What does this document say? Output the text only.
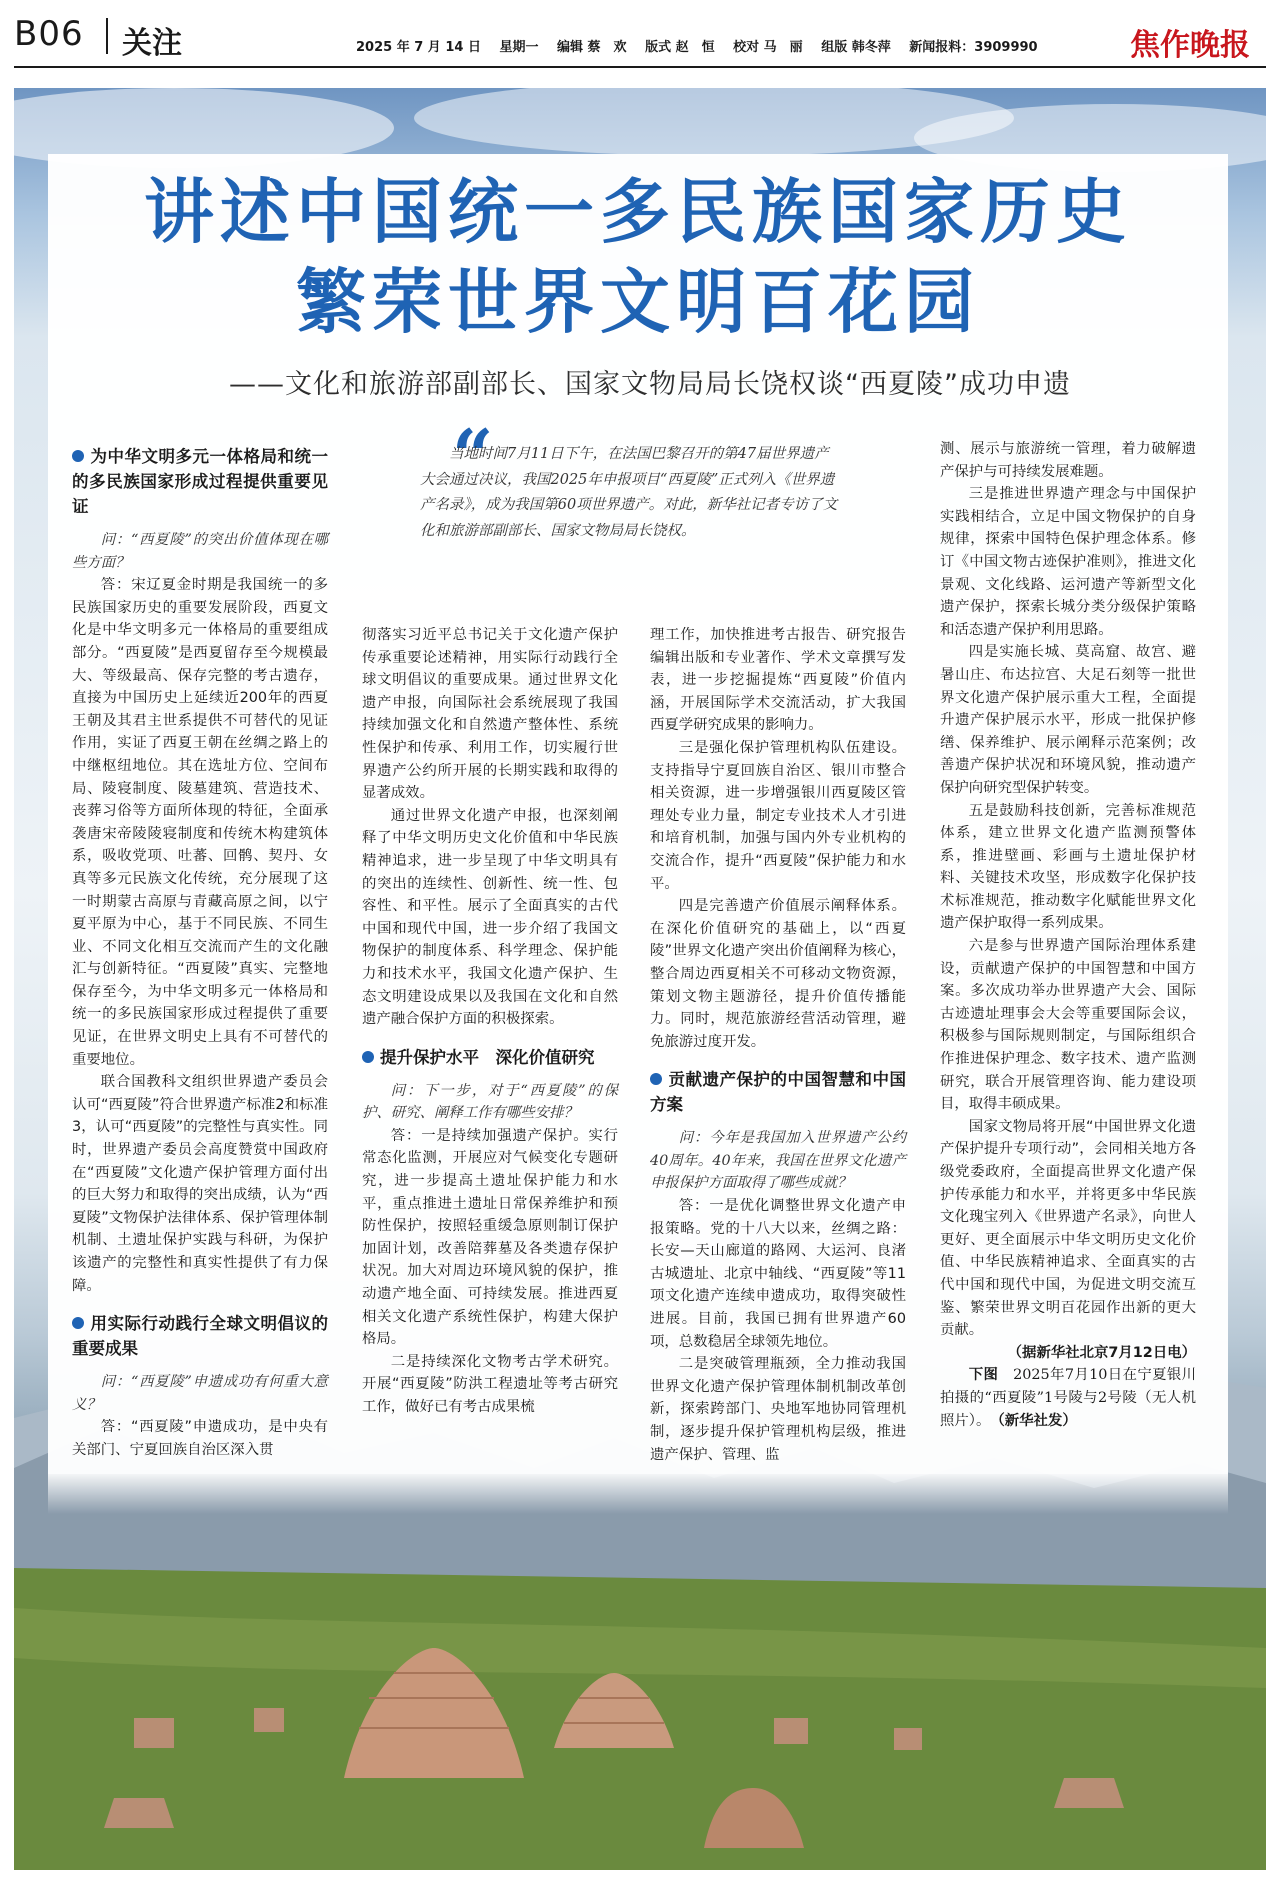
B06 关注	2025 年 7 月 14 日 星期一 编辑 蔡　欢 版式 赵　恒 校对 马　丽 组版 韩冬萍 新闻报料：3909990	焦作晚报
讲述中国统一多民族国家历史
繁荣世界文明百花园
——文化和旅游部副部长、国家文物局局长饶权谈“西夏陵”成功申遗
“
当地时间7月11日下午，在法国巴黎召开的第47届世界遗产大会通过决议，我国2025年申报项目“西夏陵”正式列入《世界遗产名录》，成为我国第60项世界遗产。对此，新华社记者专访了文化和旅游部副部长、国家文物局局长饶权。
为中华文明多元一体格局和统一的多民族国家形成过程提供重要见证

问：“西夏陵”的突出价值体现在哪些方面？

答：宋辽夏金时期是我国统一的多民族国家历史的重要发展阶段，西夏文化是中华文明多元一体格局的重要组成部分。“西夏陵”是西夏留存至今规模最大、等级最高、保存完整的考古遗存，直接为中国历史上延续近200年的西夏王朝及其君主世系提供不可替代的见证作用，实证了西夏王朝在丝绸之路上的中继枢纽地位。其在选址方位、空间布局、陵寝制度、陵墓建筑、营造技术、丧葬习俗等方面所体现的特征，全面承袭唐宋帝陵陵寝制度和传统木构建筑体系，吸收党项、吐蕃、回鹘、契丹、女真等多元民族文化传统，充分展现了这一时期蒙古高原与青藏高原之间，以宁夏平原为中心，基于不同民族、不同生业、不同文化相互交流而产生的文化融汇与创新特征。“西夏陵”真实、完整地保存至今，为中华文明多元一体格局和统一的多民族国家形成过程提供了重要见证，在世界文明史上具有不可替代的重要地位。

联合国教科文组织世界遗产委员会认可“西夏陵”符合世界遗产标准2和标准3，认可“西夏陵”的完整性与真实性。同时，世界遗产委员会高度赞赏中国政府在“西夏陵”文化遗产保护管理方面付出的巨大努力和取得的突出成绩，认为“西夏陵”文物保护法律体系、保护管理体制机制、土遗址保护实践与科研，为保护该遗产的完整性和真实性提供了有力保障。

用实际行动践行全球文明倡议的重要成果

问：“西夏陵”申遗成功有何重大意义？

答：“西夏陵”申遗成功，是中央有关部门、宁夏回族自治区深入贯

彻落实习近平总书记关于文化遗产保护传承重要论述精神，用实际行动践行全球文明倡议的重要成果。通过世界文化遗产申报，向国际社会系统展现了我国持续加强文化和自然遗产整体性、系统性保护和传承、利用工作，切实履行世界遗产公约所开展的长期实践和取得的显著成效。

通过世界文化遗产申报，也深刻阐释了中华文明历史文化价值和中华民族精神追求，进一步呈现了中华文明具有的突出的连续性、创新性、统一性、包容性、和平性。展示了全面真实的古代中国和现代中国，进一步介绍了我国文物保护的制度体系、科学理念、保护能力和技术水平，我国文化遗产保护、生态文明建设成果以及我国在文化和自然遗产融合保护方面的积极探索。

提升保护水平　深化价值研究

问：下一步，对于“西夏陵”的保护、研究、阐释工作有哪些安排？

答：一是持续加强遗产保护。实行常态化监测，开展应对气候变化专题研究，进一步提高土遗址保护能力和水平，重点推进土遗址日常保养维护和预防性保护，按照轻重缓急原则制订保护加固计划，改善陪葬墓及各类遗存保护状况。加大对周边环境风貌的保护，推动遗产地全面、可持续发展。推进西夏相关文化遗产系统性保护，构建大保护格局。

二是持续深化文物考古学术研究。开展“西夏陵”防洪工程遗址等考古研究工作，做好已有考古成果梳

理工作，加快推进考古报告、研究报告编辑出版和专业著作、学术文章撰写发表，进一步挖掘提炼“西夏陵”价值内涵，开展国际学术交流活动，扩大我国西夏学研究成果的影响力。

三是强化保护管理机构队伍建设。支持指导宁夏回族自治区、银川市整合相关资源，进一步增强银川西夏陵区管理处专业力量，制定专业技术人才引进和培育机制，加强与国内外专业机构的交流合作，提升“西夏陵”保护能力和水平。

四是完善遗产价值展示阐释体系。在深化价值研究的基础上，以“西夏陵”世界文化遗产突出价值阐释为核心，整合周边西夏相关不可移动文物资源，策划文物主题游径，提升价值传播能力。同时，规范旅游经营活动管理，避免旅游过度开发。

贡献遗产保护的中国智慧和中国方案

问：今年是我国加入世界遗产公约40周年。40年来，我国在世界文化遗产申报保护方面取得了哪些成就？

答：一是优化调整世界文化遗产申报策略。党的十八大以来，丝绸之路：长安—天山廊道的路网、大运河、良渚古城遗址、北京中轴线、“西夏陵”等11项文化遗产连续申遗成功，取得突破性进展。目前，我国已拥有世界遗产60项，总数稳居全球领先地位。

二是突破管理瓶颈，全力推动我国世界文化遗产保护管理体制机制改革创新，探索跨部门、央地军地协同管理机制，逐步提升保护管理机构层级，推进遗产保护、管理、监

测、展示与旅游统一管理，着力破解遗产保护与可持续发展难题。

三是推进世界遗产理念与中国保护实践相结合，立足中国文物保护的自身规律，探索中国特色保护理念体系。修订《中国文物古迹保护准则》，推进文化景观、文化线路、运河遗产等新型文化遗产保护，探索长城分类分级保护策略和活态遗产保护利用思路。

四是实施长城、莫高窟、故宫、避暑山庄、布达拉宫、大足石刻等一批世界文化遗产保护展示重大工程，全面提升遗产保护展示水平，形成一批保护修缮、保养维护、展示阐释示范案例；改善遗产保护状况和环境风貌，推动遗产保护向研究型保护转变。

五是鼓励科技创新，完善标准规范体系，建立世界文化遗产监测预警体系，推进壁画、彩画与土遗址保护材料、关键技术攻坚，形成数字化保护技术标准规范，推动数字化赋能世界文化遗产保护取得一系列成果。

六是参与世界遗产国际治理体系建设，贡献遗产保护的中国智慧和中国方案。多次成功举办世界遗产大会、国际古迹遗址理事会大会等重要国际会议，积极参与国际规则制定，与国际组织合作推进保护理念、数字技术、遗产监测研究，联合开展管理咨询、能力建设项目，取得丰硕成果。

国家文物局将开展“中国世界文化遗产保护提升专项行动”，会同相关地方各级党委政府，全面提高世界文化遗产保护传承能力和水平，并将更多中华民族文化瑰宝列入《世界遗产名录》，向世人更好、更全面展示中华文明历史文化价值、中华民族精神追求、全面真实的古代中国和现代中国，为促进文明交流互鉴、繁荣世界文明百花园作出新的更大贡献。

（据新华社北京7月12日电）

下图　 2025年7月10日在宁夏银川拍摄的“西夏陵”1号陵与2号陵（无人机照片）。　 （新华社发）
